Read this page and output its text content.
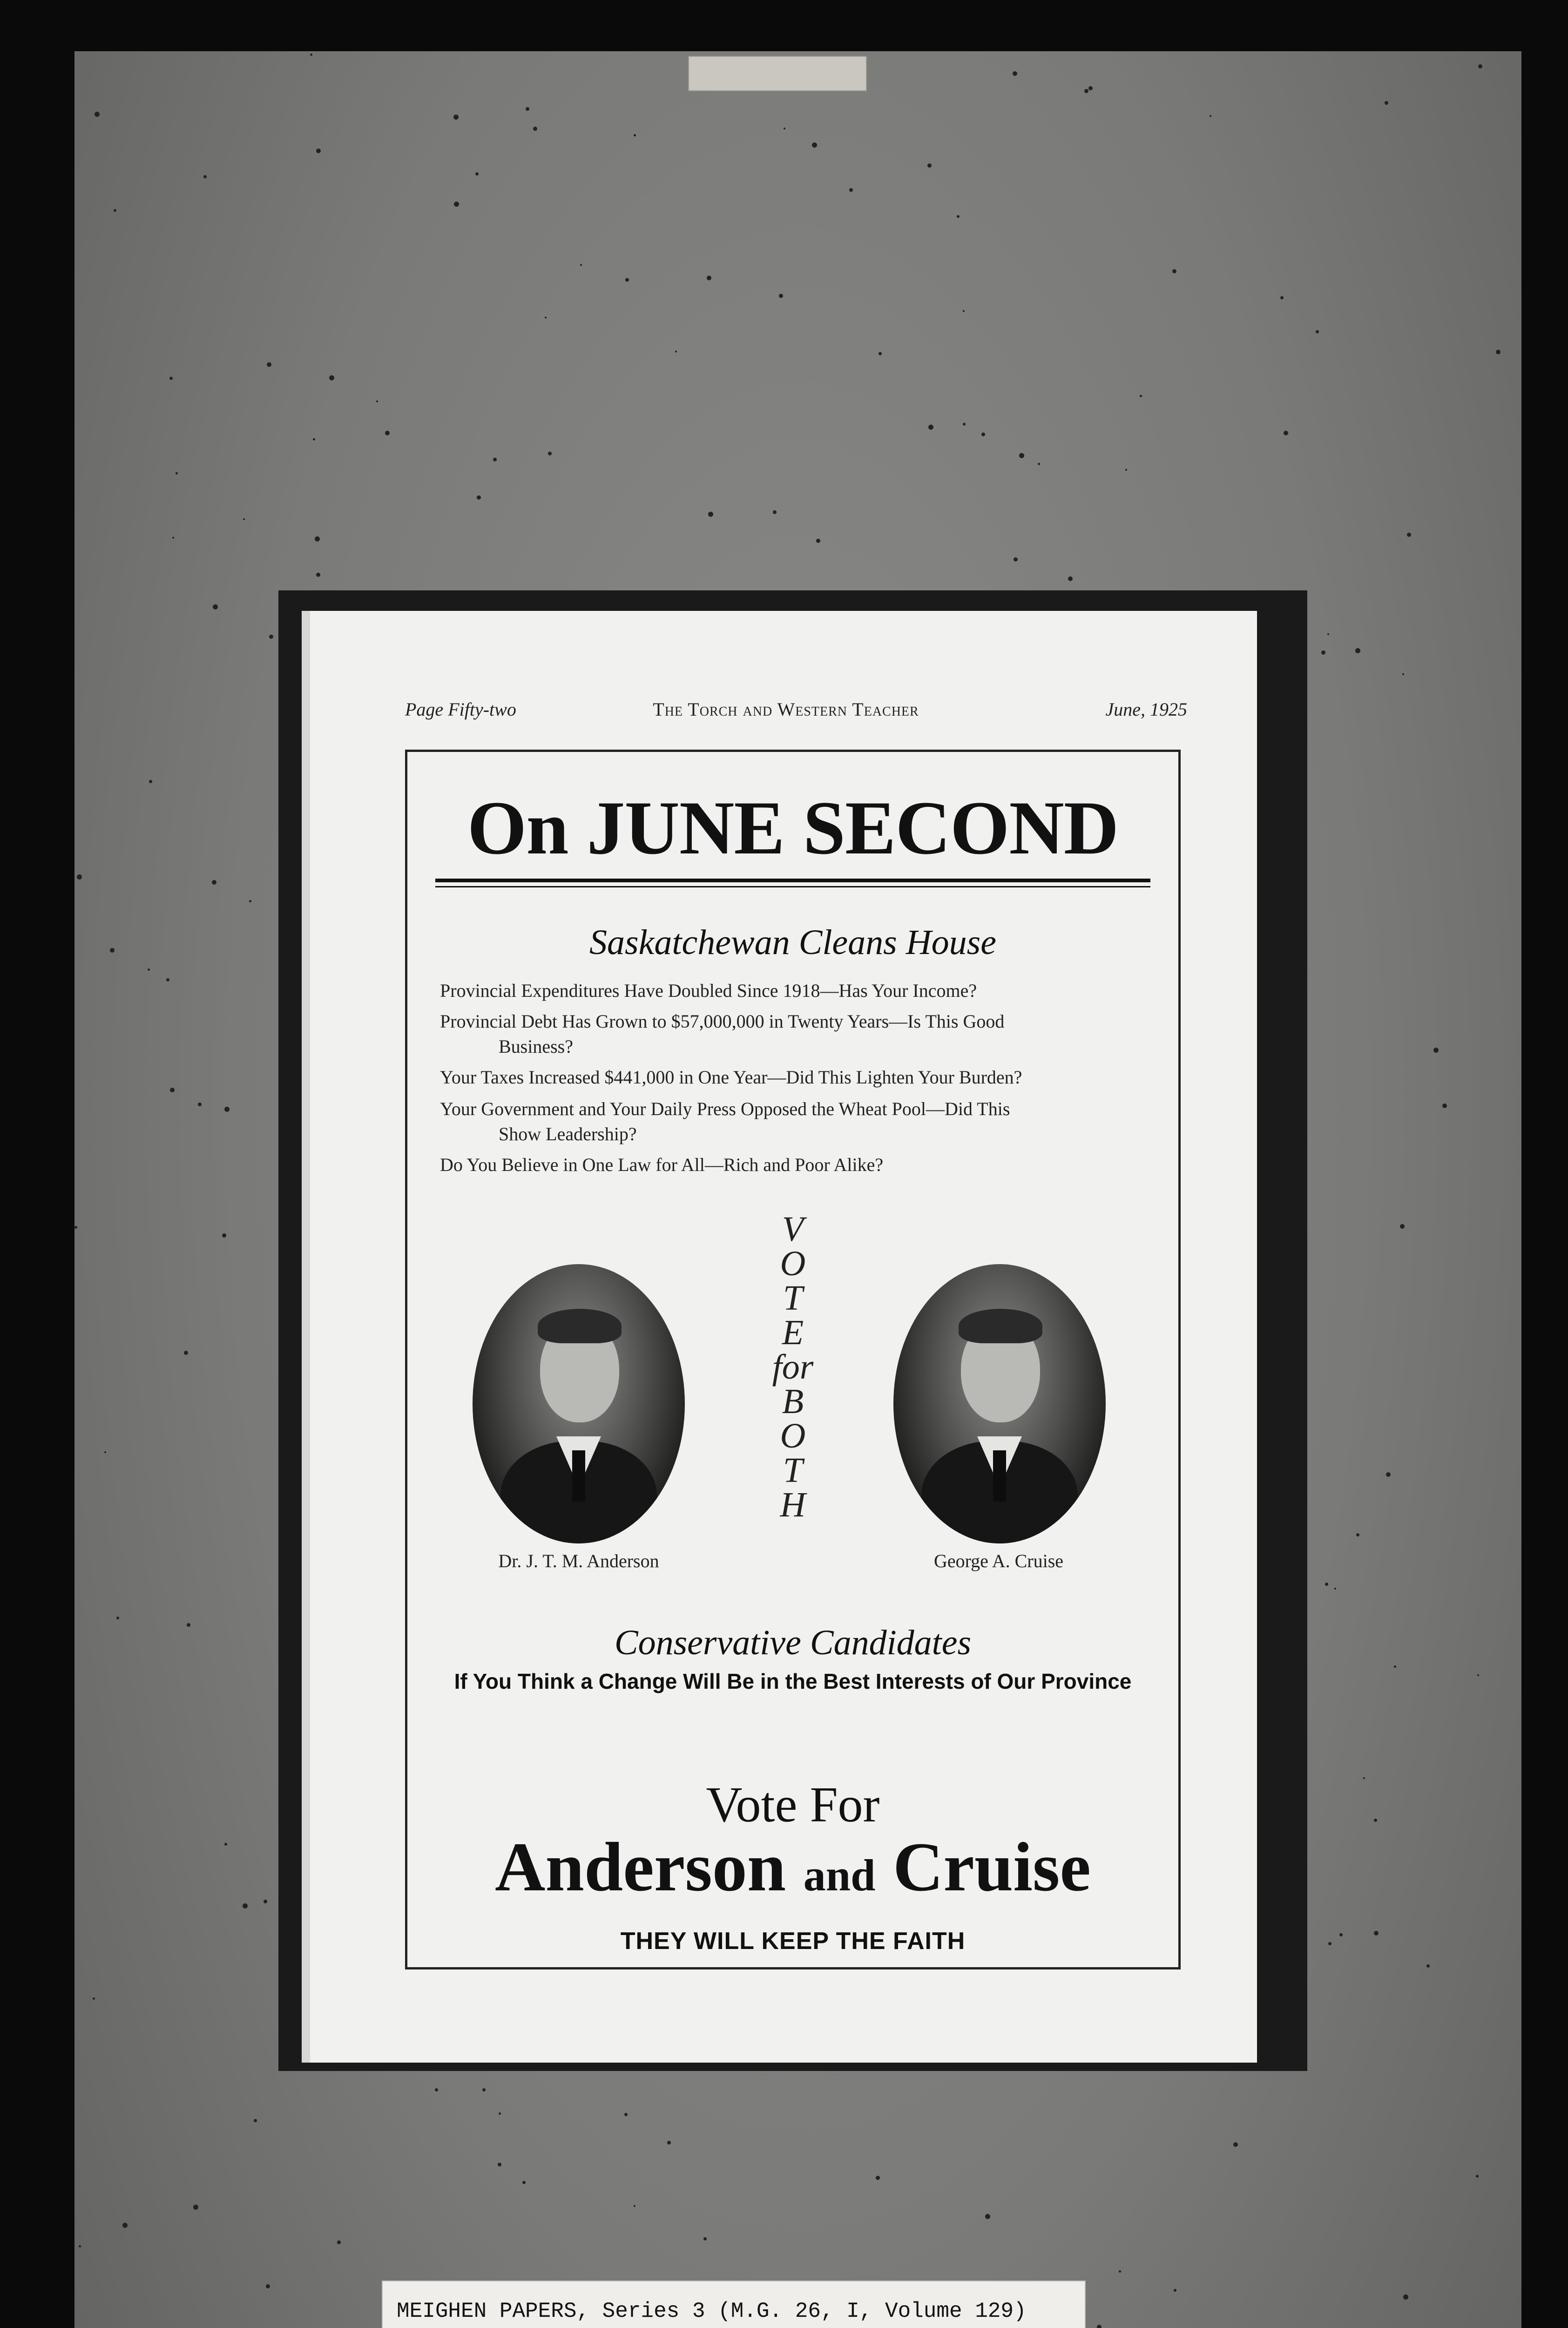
Page Fifty-two	The Torch and Western Teacher	June, 1925
On JUNE SECOND
Saskatchewan Cleans House
Provincial Expenditures Have Doubled Since 1918—Has Your Income?
Provincial Debt Has Grown to $57,000,000 in Twenty Years—Is This Good
Business?
Your Taxes Increased $441,000 in One Year—Did This Lighten Your Burden?
Your Government and Your Daily Press Opposed the Wheat Pool—Did This
Show Leadership?
Do You Believe in One Law for All—Rich and Poor Alike?
V
O
T
E
for
B
O
T
H
Dr. J. T. M. Anderson	George A. Cruise
Conservative Candidates
If You Think a Change Will Be in the Best Interests of Our Province
Vote For
Anderson and Cruise
THEY WILL KEEP THE FAITH
MEIGHEN PAPERS, Series 3 (M.G. 26, I, Volume 129)
